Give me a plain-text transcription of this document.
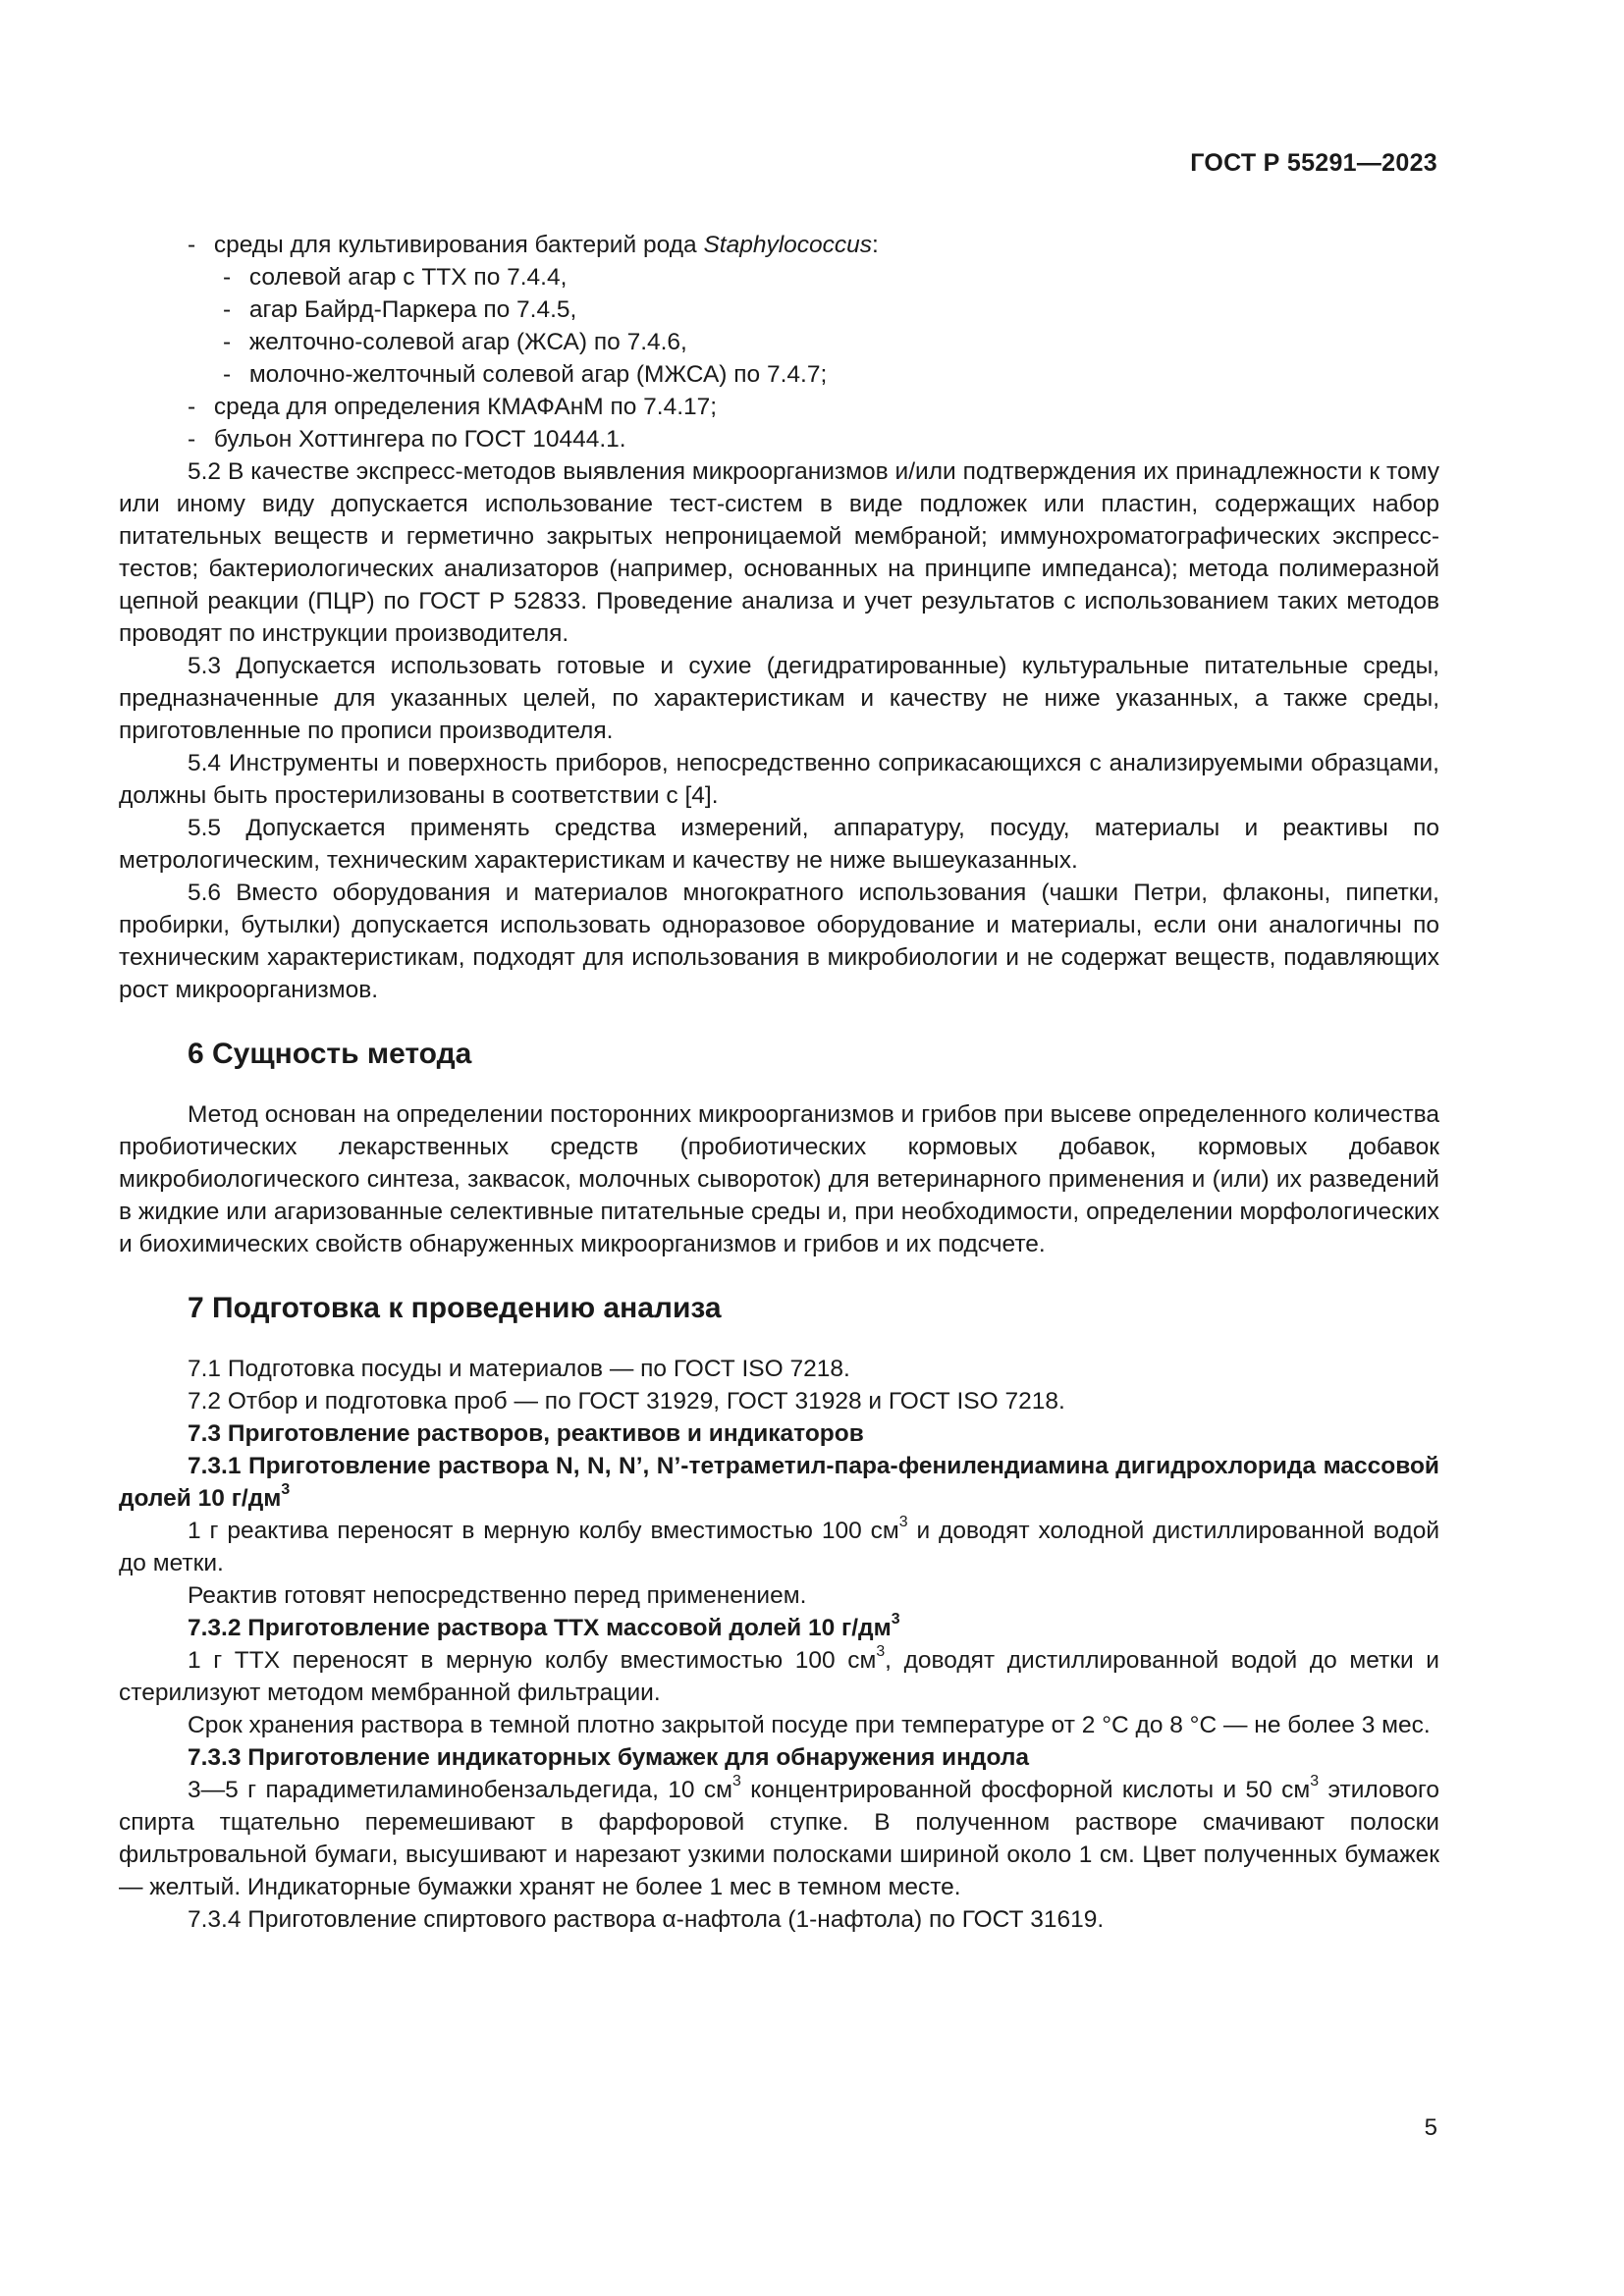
ГОСТ Р 55291—2023
- среды для культивирования бактерий рода Staphylococcus:
- солевой агар с ТТХ по 7.4.4,
- агар Байрд-Паркера по 7.4.5,
- желточно-солевой агар (ЖСА) по 7.4.6,
- молочно-желточный солевой агар (МЖСА) по 7.4.7;
- среда для определения КМАФАнМ по 7.4.17;
- бульон Хоттингера по ГОСТ 10444.1.

5.2 В качестве экспресс-методов выявления микроорганизмов и/или подтверждения их принадлежности к тому или иному виду допускается использование тест-систем в виде подложек или пластин, содержащих набор питательных веществ и герметично закрытых непроницаемой мембраной; иммунохроматографических экспресс-тестов; бактериологических анализаторов (например, основанных на принципе импеданса); метода полимеразной цепной реакции (ПЦР) по ГОСТ Р 52833. Проведение анализа и учет результатов с использованием таких методов проводят по инструкции производителя.

5.3 Допускается использовать готовые и сухие (дегидратированные) культуральные питательные среды, предназначенные для указанных целей, по характеристикам и качеству не ниже указанных, а также среды, приготовленные по прописи производителя.

5.4 Инструменты и поверхность приборов, непосредственно соприкасающихся с анализируемыми образцами, должны быть простерилизованы в соответствии с [4].

5.5 Допускается применять средства измерений, аппаратуру, посуду, материалы и реактивы по метрологическим, техническим характеристикам и качеству не ниже вышеуказанных.

5.6 Вместо оборудования и материалов многократного использования (чашки Петри, флаконы, пипетки, пробирки, бутылки) допускается использовать одноразовое оборудование и материалы, если они аналогичны по техническим характеристикам, подходят для использования в микробиологии и не содержат веществ, подавляющих рост микроорганизмов.

6 Сущность метода

Метод основан на определении посторонних микроорганизмов и грибов при высеве определенного количества пробиотических лекарственных средств (пробиотических кормовых добавок, кормовых добавок микробиологического синтеза, заквасок, молочных сывороток) для ветеринарного применения и (или) их разведений в жидкие или агаризованные селективные питательные среды и, при необходимости, определении морфологических и биохимических свойств обнаруженных микроорганизмов и грибов и их подсчете.

7 Подготовка к проведению анализа

7.1 Подготовка посуды и материалов — по ГОСТ ISO 7218.

7.2 Отбор и подготовка проб — по ГОСТ 31929, ГОСТ 31928 и ГОСТ ISO 7218.

7.3 Приготовление растворов, реактивов и индикаторов

7.3.1 Приготовление раствора N, N, N’, N’-тетраметил-пара-фенилендиамина дигидрохлорида массовой долей 10 $г/дм^3$

1 г реактива переносят в мерную колбу вместимостью 100 $см^3$ и доводят холодной дистиллированной водой до метки.

Реактив готовят непосредственно перед применением.

7.3.2 Приготовление раствора ТТХ массовой долей 10 $г/дм^3$

1 г ТТХ переносят в мерную колбу вместимостью 100 $см^3$, доводят дистиллированной водой до метки и стерилизуют методом мембранной фильтрации.

Срок хранения раствора в темной плотно закрытой посуде при температуре от 2 °С до 8 °С — не более 3 мес.

7.3.3 Приготовление индикаторных бумажек для обнаружения индола

3—5 г парадиметиламинобензальдегида, 10 $см^3$ концентрированной фосфорной кислоты и 50 $см^3$ этилового спирта тщательно перемешивают в фарфоровой ступке. В полученном растворе смачивают полоски фильтровальной бумаги, высушивают и нарезают узкими полосками шириной около 1 см. Цвет полученных бумажек — желтый. Индикаторные бумажки хранят не более 1 мес в темном месте.

7.3.4 Приготовление спиртового раствора α-нафтола (1-нафтола) по ГОСТ 31619.

5
